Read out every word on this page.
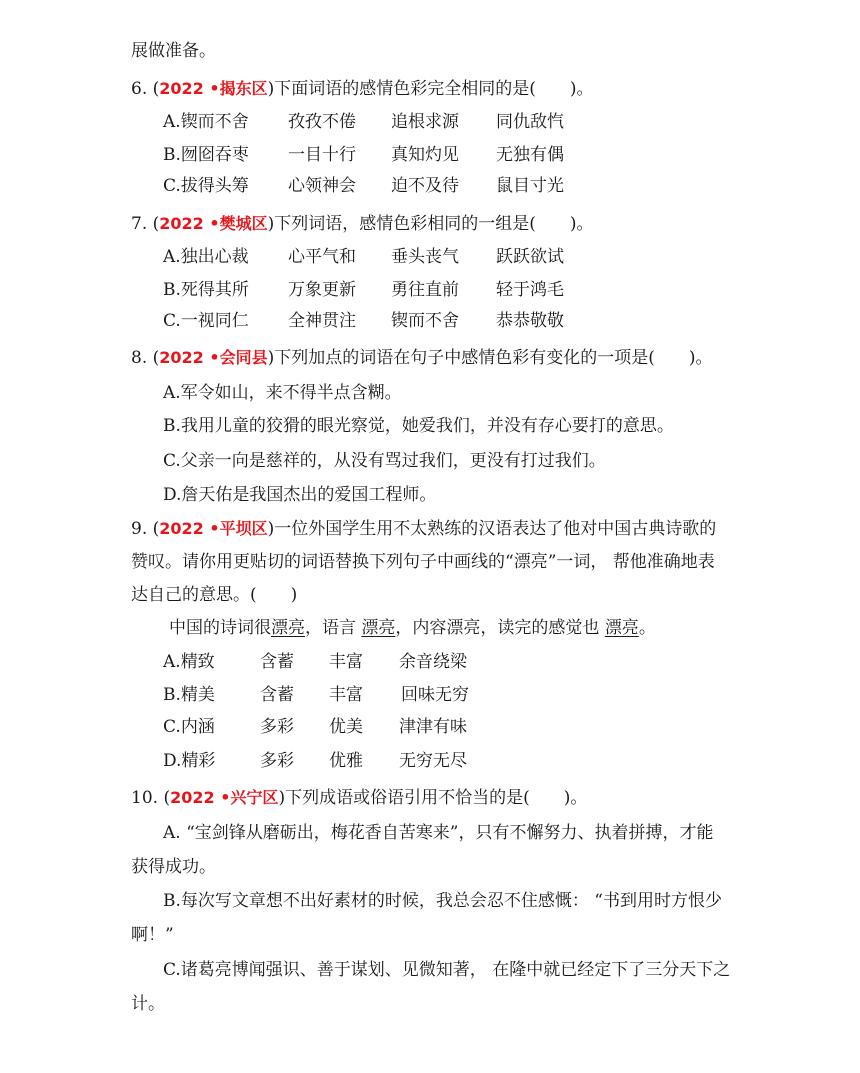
展做准备。
6. (2022 •揭东区)下面词语的感情色彩完全相同的是(　　)。
A.锲而不舍 孜孜不倦 追根求源 同仇敌忾
B.囫囵吞枣 一目十行 真知灼见 无独有偶
C.拔得头筹 心领神会 迫不及待 鼠目寸光
7. (2022 •樊城区)下列词语，感情色彩相同的一组是(　　)。
A.独出心裁 心平气和 垂头丧气 跃跃欲试
B.死得其所 万象更新 勇往直前 轻于鸿毛
C.一视同仁 全神贯注 锲而不舍 恭恭敬敬
8. (2022 •会同县)下列加点的词语在句子中感情色彩有变化的一项是(　　)。
A.军令如山，来不得半点含糊。
B.我用儿童的狡猾的眼光察觉，她爱我们，并没有存心要打的意思。
C.父亲一向是慈祥的，从没有骂过我们，更没有打过我们。
D.詹天佑是我国杰出的爱国工程师。
9. (2022 •平坝区)一位外国学生用不太熟练的汉语表达了他对中国古典诗歌的
赞叹。请你用更贴切的词语替换下列句子中画线的“漂亮”一词， 帮他准确地表
达自己的意思。(　　)
中国的诗词很漂亮，语言 漂亮，内容漂亮，读完的感觉也 漂亮。
A.精致	含蓄 丰富 余音绕梁
B.精美	含蓄 丰富 回味无穷
C.内涵	多彩 优美 津津有味
D.精彩	多彩 优雅 无穷无尽
10. (2022 •兴宁区)下列成语或俗语引用不恰当的是(　　)。
A. “宝剑锋从磨砺出，梅花香自苦寒来”，只有不懈努力、执着拼搏，才能
获得成功。
B.每次写文章想不出好素材的时候，我总会忍不住感慨： “书到用时方恨少
啊！”
C.诸葛亮博闻强识、善于谋划、见微知著， 在隆中就已经定下了三分天下之
计。
